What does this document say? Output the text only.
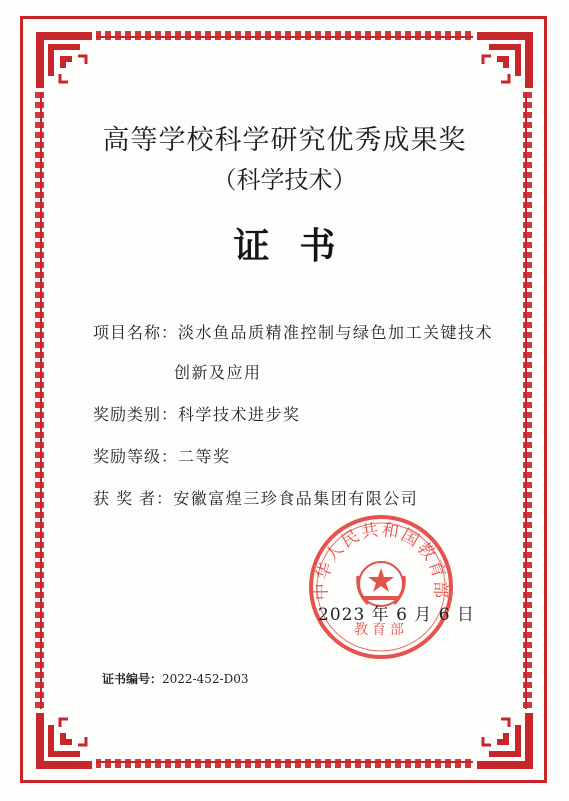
高等学校科学研究优秀成果奖
（科学技术）
证书
项目名称：淡水鱼品质精准控制与绿色加工关键技术
创新及应用
奖励类别：科学技术进步奖
奖励等级：二等奖
获 奖 者：安徽富煌三珍食品集团有限公司
中华人民共和国教育部
教育部
2023 年 6 月 6 日
证书编号：2022-452-D03
